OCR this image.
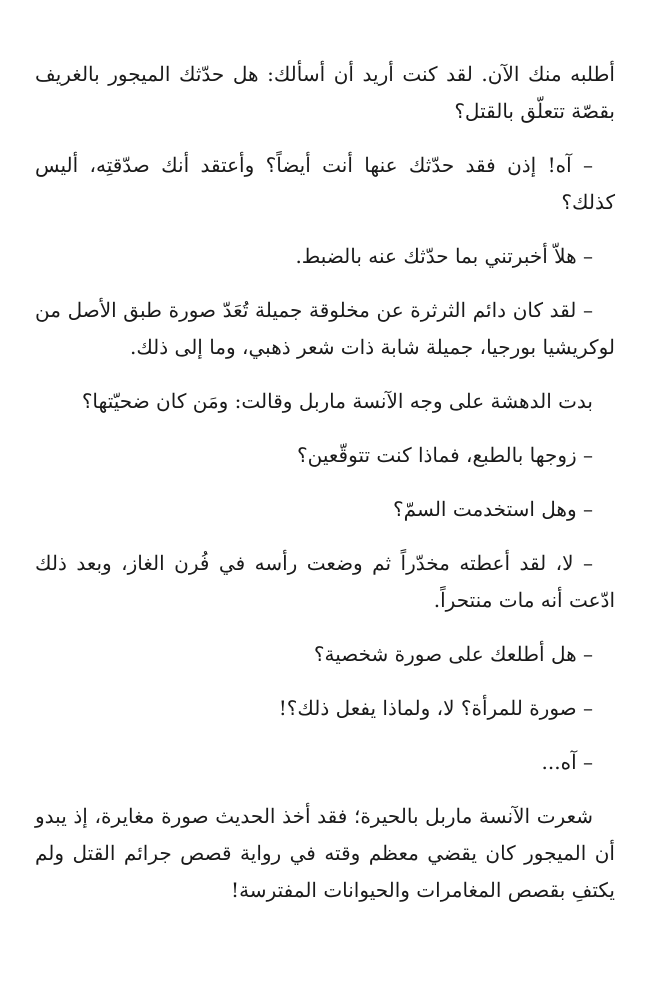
أطلبه منك الآن. لقد كنت أريد أن أسألك: هل حدّثك الميجور بالغريف بقصّة تتعلّق بالقتل؟

– آه! إذن فقد حدّثك عنها أنت أيضاً؟ وأعتقد أنك صدّقتِه، أليس كذلك؟

– هلاّ أخبرتني بما حدّثك عنه بالضبط.

– لقد كان دائم الثرثرة عن مخلوقة جميلة تُعَدّ صورة طبق الأصل من لوكريشيا بورجيا، جميلة شابة ذات شعر ذهبي، وما إلى ذلك.

بدت الدهشة على وجه الآنسة ماربل وقالت: ومَن كان ضحيّتها؟

– زوجها بالطبع، فماذا كنت تتوقّعين؟

– وهل استخدمت السمّ؟

– لا، لقد أعطته مخدّراً ثم وضعت رأسه في فُرن الغاز، وبعد ذلك ادّعت أنه مات منتحراً.

– هل أطلعك على صورة شخصية؟

– صورة للمرأة؟ لا، ولماذا يفعل ذلك؟!

– آه...

شعرت الآنسة ماربل بالحيرة؛ فقد أخذ الحديث صورة مغايرة، إذ يبدو أن الميجور كان يقضي معظم وقته في رواية قصص جرائم القتل ولم يكتفِ بقصص المغامرات والحيوانات المفترسة!
